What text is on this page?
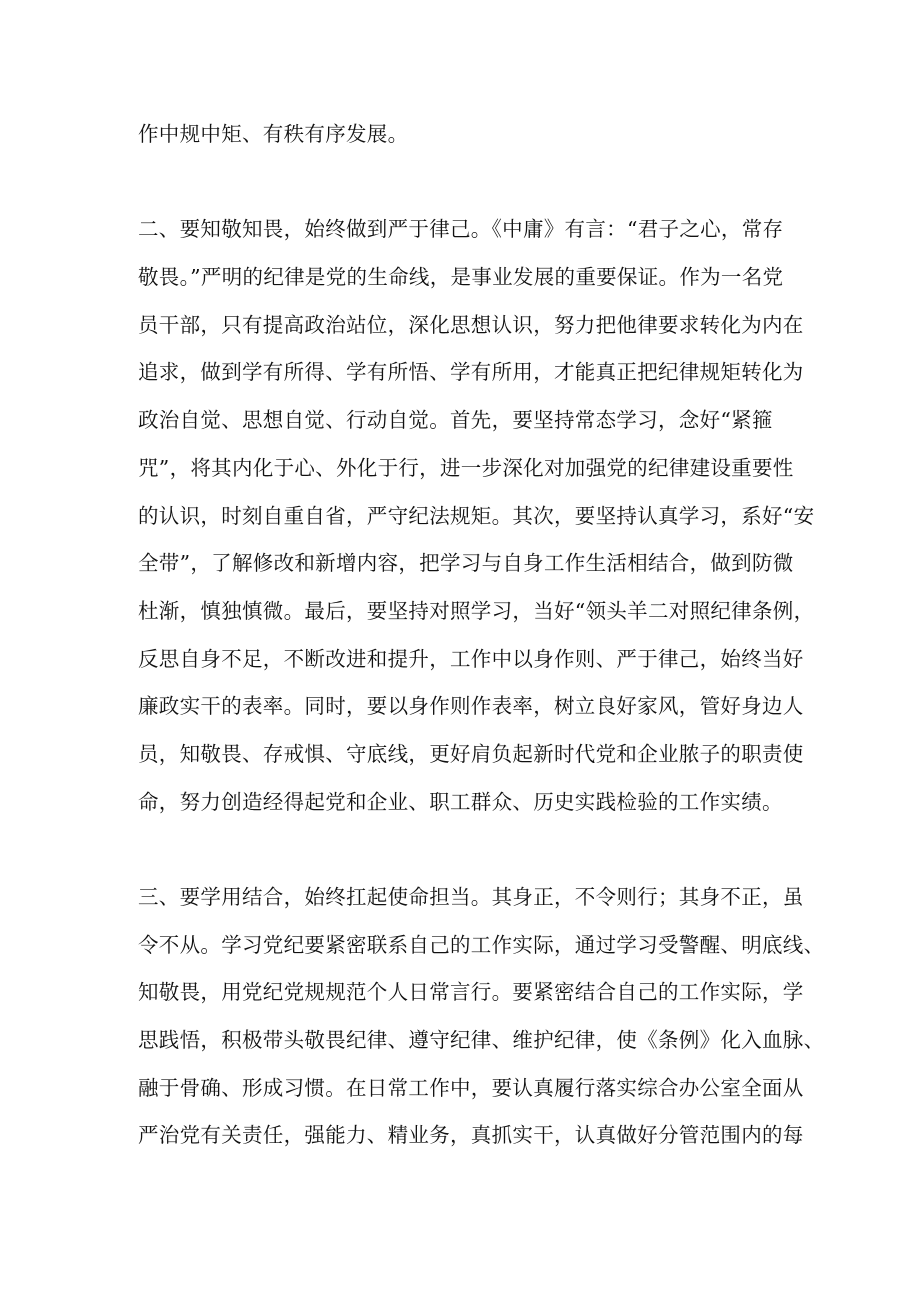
作中规中矩、有秩有序发展。
二、要知敬知畏，始终做到严于律己。《中庸》有言：“君子之心，常存
敬畏。”严明的纪律是党的生命线，是事业发展的重要保证。作为一名党
员干部，只有提高政治站位，深化思想认识，努力把他律要求转化为内在
追求，做到学有所得、学有所悟、学有所用，才能真正把纪律规矩转化为
政治自觉、思想自觉、行动自觉。首先，要坚持常态学习，念好“紧箍
咒”，将其内化于心、外化于行，进一步深化对加强党的纪律建设重要性
的认识，时刻自重自省，严守纪法规矩。其次，要坚持认真学习，系好“安
全带”，了解修改和新增内容，把学习与自身工作生活相结合，做到防微
杜渐，慎独慎微。最后，要坚持对照学习，当好“领头羊二对照纪律条例，
反思自身不足，不断改进和提升，工作中以身作则、严于律己，始终当好
廉政实干的表率。同时，要以身作则作表率，树立良好家风，管好身边人
员，知敬畏、存戒惧、守底线，更好肩负起新时代党和企业脓子的职责使
命，努力创造经得起党和企业、职工群众、历史实践检验的工作实绩。
三、要学用结合，始终扛起使命担当。其身正，不令则行；其身不正，虽
令不从。学习党纪要紧密联系自己的工作实际，通过学习受警醒、明底线、
知敬畏，用党纪党规规范个人日常言行。要紧密结合自己的工作实际，学
思践悟，积极带头敬畏纪律、遵守纪律、维护纪律，使《条例》化入血脉、
融于骨确、形成习惯。在日常工作中，要认真履行落实综合办公室全面从
严治党有关责任，强能力、精业务，真抓实干，认真做好分管范围内的每
